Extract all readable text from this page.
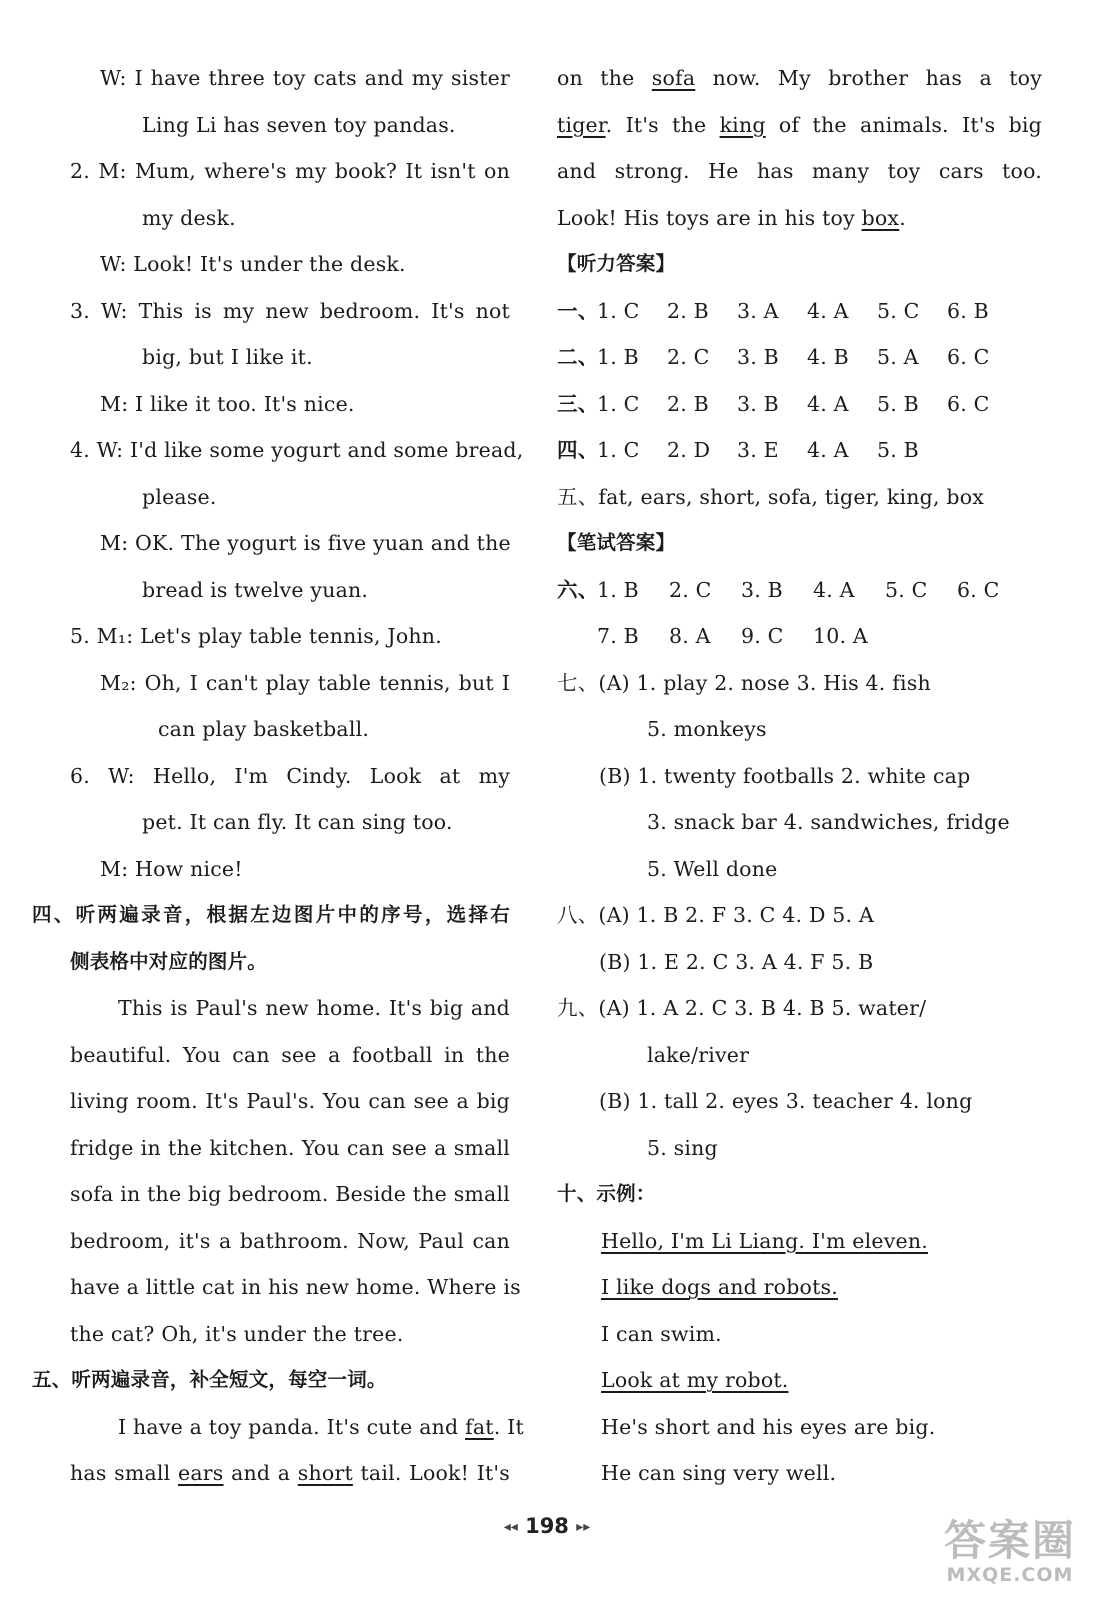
W: I have three toy cats and my sister
Ling Li has seven toy pandas.
2. M: Mum, where's my book? It isn't on
my desk.
W: Look! It's under the desk.
3. W: This is my new bedroom. It's not
big, but I like it.
M: I like it too. It's nice.
4. W: I'd like some yogurt and some bread,
please.
M: OK. The yogurt is five yuan and the
bread is twelve yuan.
5. M₁: Let's play table tennis, John.
M₂: Oh, I can't play table tennis, but I
can play basketball.
6. W: Hello, I'm Cindy. Look at my
pet. It can fly. It can sing too.
M: How nice!
四、听两遍录音，根据左边图片中的序号，选择右
侧表格中对应的图片。
This is Paul's new home. It's big and
beautiful. You can see a football in the
living room. It's Paul's. You can see a big
fridge in the kitchen. You can see a small
sofa in the big bedroom. Beside the small
bedroom, it's a bathroom. Now, Paul can
have a little cat in his new home. Where is
the cat? Oh, it's under the tree.
五、听两遍录音，补全短文，每空一词。
I have a toy panda. It's cute and fat. It
has small ears and a short tail. Look! It's
on the sofa now. My brother has a toy
tiger. It's the king of the animals. It's big
and strong. He has many toy cars too.
Look! His toys are in his toy box.
【听力答案】
一、1. C 2. B 3. A 4. A 5. C 6. B
二、1. B 2. C 3. B 4. B 5. A 6. C
三、1. C 2. B 3. B 4. A 5. B 6. C
四、1. C 2. D 3. E 4. A 5. B
五、fat, ears, short, sofa, tiger, king, box
【笔试答案】
六、1. B 2. C 3. B 4. A 5. C 6. C
7. B 8. A 9. C 10. A
七、(A) 1. play 2. nose 3. His 4. fish
5. monkeys
(B) 1. twenty footballs 2. white cap
3. snack bar 4. sandwiches, fridge
5. Well done
八、(A) 1. B 2. F 3. C 4. D 5. A
(B) 1. E 2. C 3. A 4. F 5. B
九、(A) 1. A 2. C 3. B 4. B 5. water/
lake/river
(B) 1. tall 2. eyes 3. teacher 4. long
5. sing
十、示例：
Hello, I'm Li Liang. I'm eleven.
I like dogs and robots.
I can swim.
Look at my robot.
He's short and his eyes are big.
He can sing very well.
◂◂ 198 ▸▸	答案圈
MXQE.COM
